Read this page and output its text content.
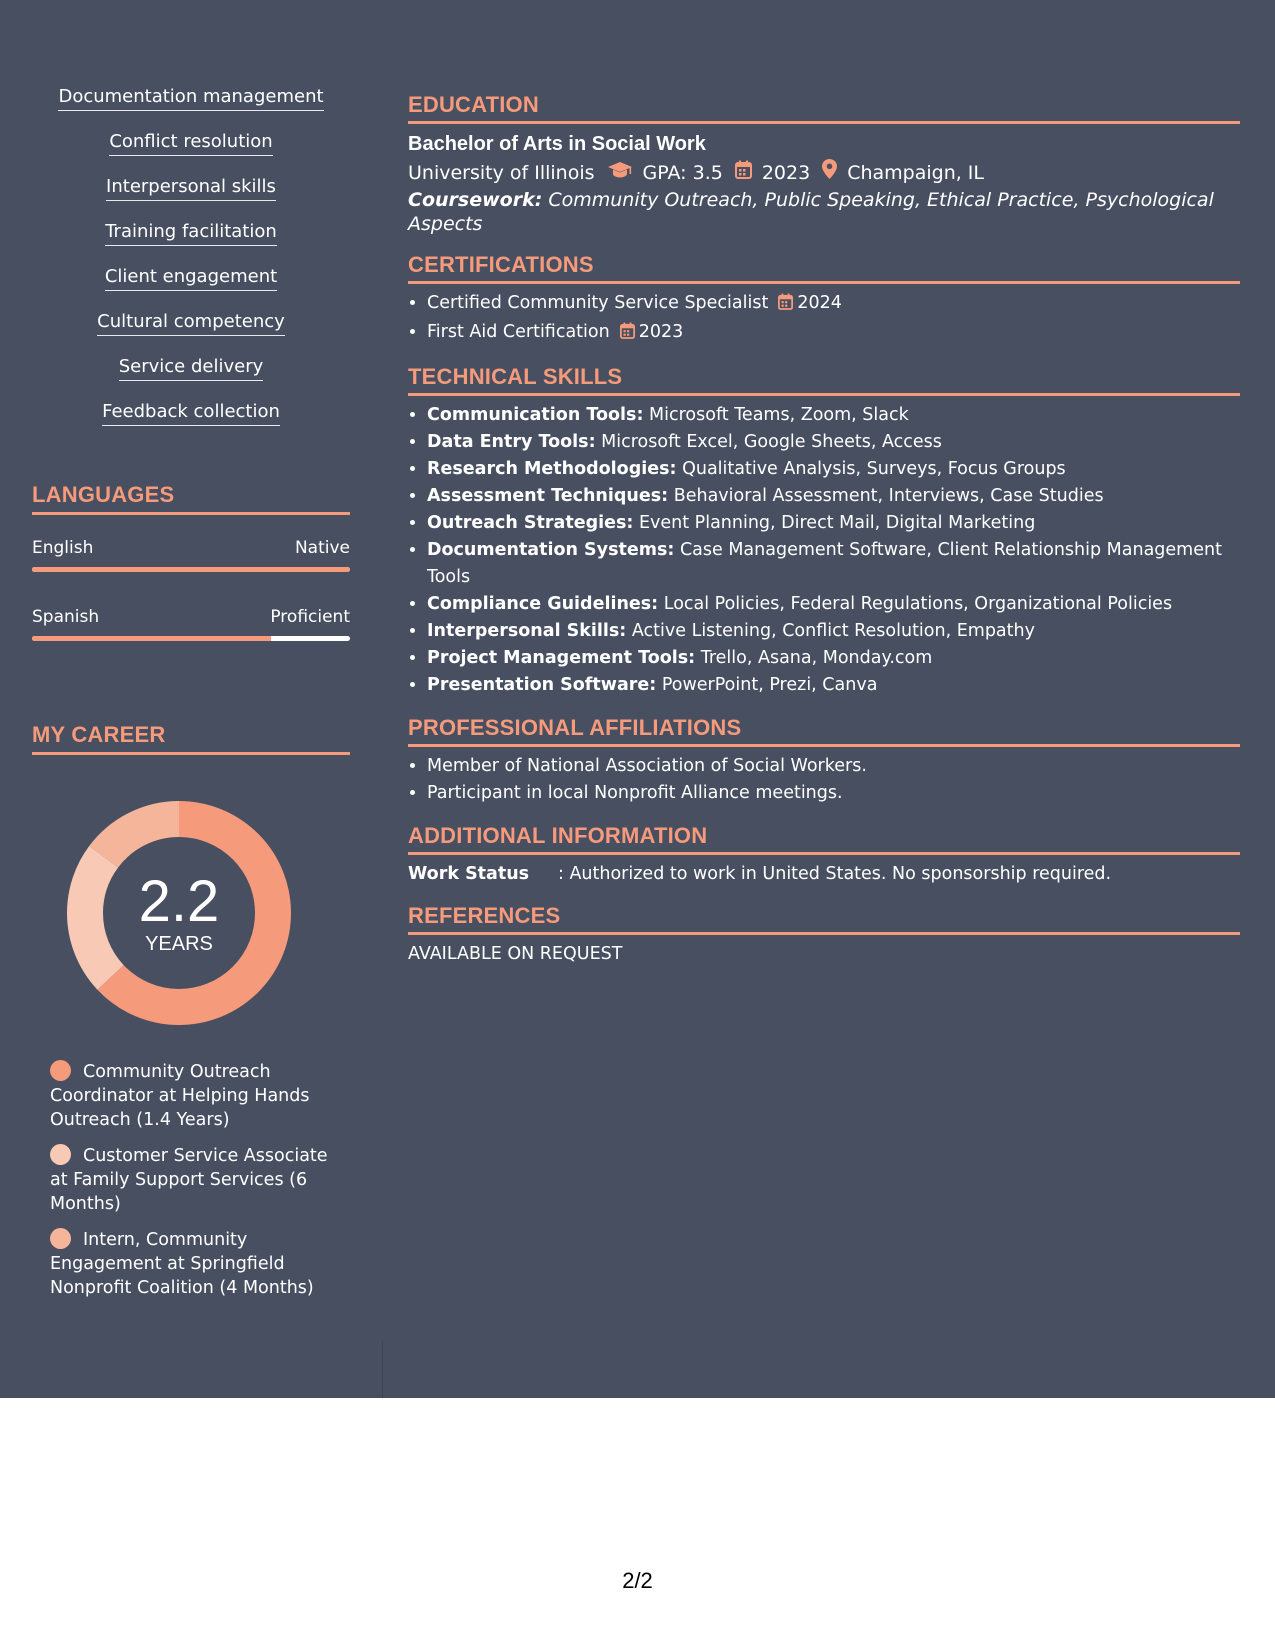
Documentation management
Conflict resolution
Interpersonal skills
Training facilitation
Client engagement
Cultural competency
Service delivery
Feedback collection
LANGUAGES
English	Native
Spanish	Proficient
MY CAREER
2.2
YEARS
Community Outreach Coordinator at Helping Hands Outreach (1.4 Years)
Customer Service Associate at Family Support Services (6 Months)
Intern, Community Engagement at Springfield Nonprofit Coalition (4 Months)
EDUCATION
Bachelor of Arts in Social Work
University of Illinois	GPA: 3.5 2023 Champaign, IL
Coursework: Community Outreach, Public Speaking, Ethical Practice, Psychological Aspects
CERTIFICATIONS
• Certified Community Service Specialist 2024
• First Aid Certification 2023
TECHNICAL SKILLS
• Communication Tools: Microsoft Teams, Zoom, Slack
• Data Entry Tools: Microsoft Excel, Google Sheets, Access
• Research Methodologies: Qualitative Analysis, Surveys, Focus Groups
• Assessment Techniques: Behavioral Assessment, Interviews, Case Studies
• Outreach Strategies: Event Planning, Direct Mail, Digital Marketing
• Documentation Systems: Case Management Software, Client Relationship Management Tools
• Compliance Guidelines: Local Policies, Federal Regulations, Organizational Policies
• Interpersonal Skills: Active Listening, Conflict Resolution, Empathy
• Project Management Tools: Trello, Asana, Monday.com
• Presentation Software: PowerPoint, Prezi, Canva
PROFESSIONAL AFFILIATIONS
• Member of National Association of Social Workers.
• Participant in local Nonprofit Alliance meetings.
ADDITIONAL INFORMATION
Work Status	: Authorized to work in United States. No sponsorship required.
REFERENCES
AVAILABLE ON REQUEST
2/2
